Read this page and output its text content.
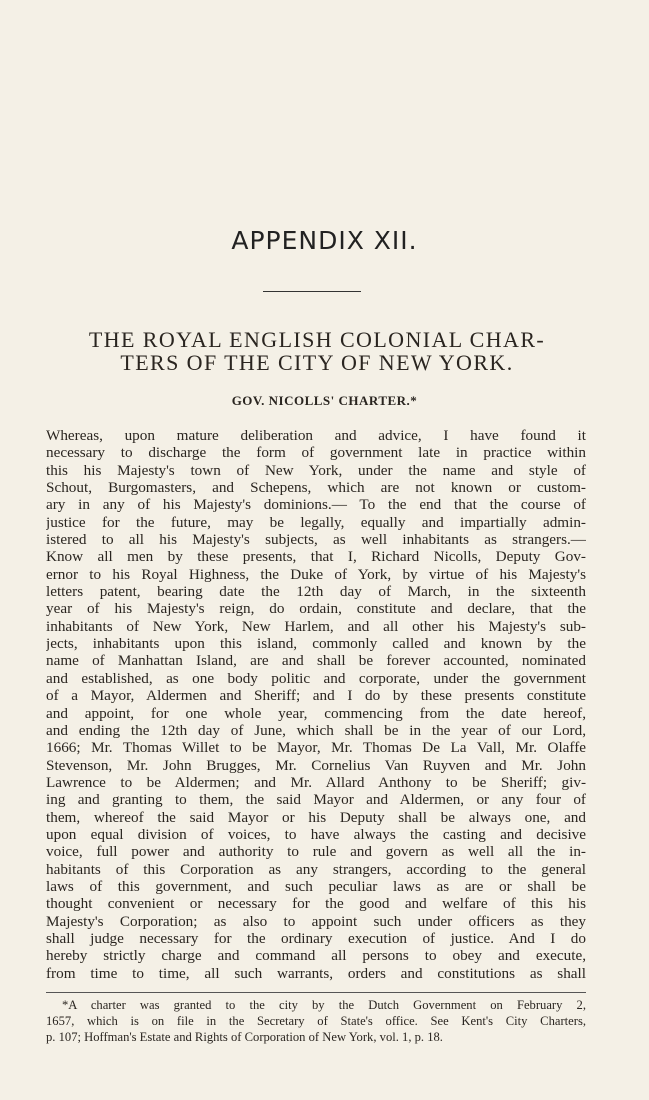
APPENDIX XII.
THE ROYAL ENGLISH COLONIAL CHAR-
TERS OF THE CITY OF NEW YORK.
GOV. NICOLLS' CHARTER.*
Whereas, upon mature deliberation and advice, I have found it
necessary to discharge the form of government late in practice within
this his Majesty's town of New York, under the name and style of
Schout, Burgomasters, and Schepens, which are not known or custom-
ary in any of his Majesty's dominions.— To the end that the course of
justice for the future, may be legally, equally and impartially admin-
istered to all his Majesty's subjects, as well inhabitants as strangers.—
Know all men by these presents, that I, Richard Nicolls, Deputy Gov-
ernor to his Royal Highness, the Duke of York, by virtue of his Majesty's
letters patent, bearing date the 12th day of March, in the sixteenth
year of his Majesty's reign, do ordain, constitute and declare, that the
inhabitants of New York, New Harlem, and all other his Majesty's sub-
jects, inhabitants upon this island, commonly called and known by the
name of Manhattan Island, are and shall be forever accounted, nominated
and established, as one body politic and corporate, under the government
of a Mayor, Aldermen and Sheriff; and I do by these presents constitute
and appoint, for one whole year, commencing from the date hereof,
and ending the 12th day of June, which shall be in the year of our Lord,
1666; Mr. Thomas Willet to be Mayor, Mr. Thomas De La Vall, Mr. Olaffe
Stevenson, Mr. John Brugges, Mr. Cornelius Van Ruyven and Mr. John
Lawrence to be Aldermen; and Mr. Allard Anthony to be Sheriff; giv-
ing and granting to them, the said Mayor and Aldermen, or any four of
them, whereof the said Mayor or his Deputy shall be always one, and
upon equal division of voices, to have always the casting and decisive
voice, full power and authority to rule and govern as well all the in-
habitants of this Corporation as any strangers, according to the general
laws of this government, and such peculiar laws as are or shall be
thought convenient or necessary for the good and welfare of this his
Majesty's Corporation; as also to appoint such under officers as they
shall judge necessary for the ordinary execution of justice. And I do
hereby strictly charge and command all persons to obey and execute,
from time to time, all such warrants, orders and constitutions as shall
*A charter was granted to the city by the Dutch Government on February 2,
1657, which is on file in the Secretary of State's office. See Kent's City Charters,
p. 107; Hoffman's Estate and Rights of Corporation of New York, vol. 1, p. 18.
